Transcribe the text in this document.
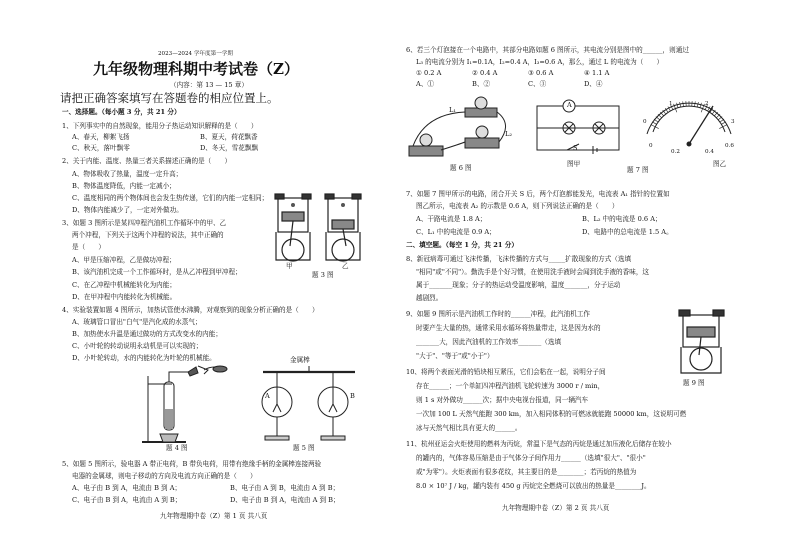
2023—2024 学年度第一学期
九年级物理科期中考试卷（Z）
（内容：第 13 — 15 章）
请把正确答案填写在答题卷的相应位置上。
一、选择题。（每小题 3 分，共 21 分）
1、下列事实中的自然现象，能用分子热运动知识解释的是（　　）
A、春天，柳絮飞扬	B、夏天，荷花飘香
C、秋天，落叶飘零	D、冬天，雪花飘飘
2、关于内能、温度、热量三者关系描述正确的是（　　）
A、物体吸收了热量，温度一定升高；
B、物体温度降低，内能一定减小；
C、温度相同的两个物体间也会发生热传递，它们的内能一定相同；
D、物体内能减少了，一定对外做功。
3、如题 3 图所示是某四冲程汽油机工作循环中的甲、乙
两个冲程，下列关于这两个冲程的说法，其中正确的
是（　　）
A、甲是压缩冲程，乙是做功冲程；
B、该汽油机完成一个工作循环时，是从乙冲程到甲冲程；
C、在乙冲程中机械能转化为内能；
D、在甲冲程中内能转化为机械能。
甲	乙
题 3 图
4、实验装置如题 4 图所示，加热试管使水沸腾，对观察到的现象分析正确的是（　　）
A、玻璃管口冒出"白气"是汽化成的水蒸气；
B、加热使水升温是通过做功的方式改变水的内能；
C、小叶轮的转动说明永动机是可以实现的；
D、小叶轮转动，水的内能转化为叶轮的机械能。
题 4 图
金属棒
A	B
题 5 图
5、如题 5 图所示，验电器 A 带正电荷，B 带负电荷，用带有绝缘手柄的金属棒连接两验
电器的金属球，则电子移动的方向及电流方向正确的是（　　）
A、电子由 B 到 A，电流由 B 到 A；	B、电子由 A 到 B，电流由 A 到 B；
C、电子由 B 到 A，电流由 A 到 B；	D、电子由 B 到 A，电流由 A 到 B；
九年物理期中卷（Z）第 1 页 共八页
6、若三个灯泡接在一个电路中，其部分电路如题 6 图所示，其电流分别是图中的______，则通过
L₃ 的电流分别为 I₁=0.1A，I₂=0.4 A，I₃=0.6 A，那么，通过 L 的电流为（　　）
① 0.2 A	② 0.4 A	③ 0.6 A	④ 1.1 A
A、①	B、②	C、③	D、④
L₁
L₂
题 6 图
A
S
图甲
0
1	2
3
0
0.2	0.4
0.6
图乙
题 7 图
7、如题 7 图甲所示的电路，闭合开关 S 后，两个灯泡都能发光，电流表 A₁ 指针的位置如
图乙所示，电流表 A₂ 的示数是 0.6 A，则下列说法正确的是（　　）
A、干路电流是 1.8 A；	B、L₂ 中的电流是 0.6 A；
C、L₁ 中的电流是 0.9 A；	D、电路中的总电流是 1.5 A。
二、填空题。（每空 1 分，共 21 分）
8、新冠病毒可通过飞沫传播，飞沫传播的方式与_____扩散现象的方式（选填
"相同"或"不同"）。勤洗手是个好习惯，在使用洗手液时会闻到洗手液的香味，这
属于_______现象；分子的热运动受温度影响，温度_______，分子运动
越剧烈。
9、如题 9 图所示是汽油机工作时的______冲程，此汽油机工作
时要产生大量的热，通常采用水循环将热量带走，这是因为水的
_______大，因此汽油机的工作效率_______（选填
"大于"、"等于"或"小于"）
题 9 图
10、将两个表面光滑的铅块相互紧压，它们会粘在一起，说明分子间
存在______；一个单缸四冲程汽油机飞轮转速为 3000 r / min，
则 1 s 对外做功______次；据中央电视台报道，同一辆汽车
一次加 100 L 天然气能跑 300 km，加入相同体积的可燃冰就能跑 50000 km，这说明可燃
冰与天然气相比具有更大的______。
11、杭州亚运会火炬使用的燃料为丙烷，常温下是气态的丙烷是通过加压液化后储存在较小
的罐内的，气体容易压缩是由于气体分子间作用力______（选填"很大"、"很小"
或"为零"）。火炬表面有很多花纹，其主要目的是________；若丙烷的热值为
8.0 × 10⁷ J / kg，罐内装有 450 g 丙烷完全燃烧可以放出的热量是________J。
九年物理期中卷（Z）第 2 页 共八页
